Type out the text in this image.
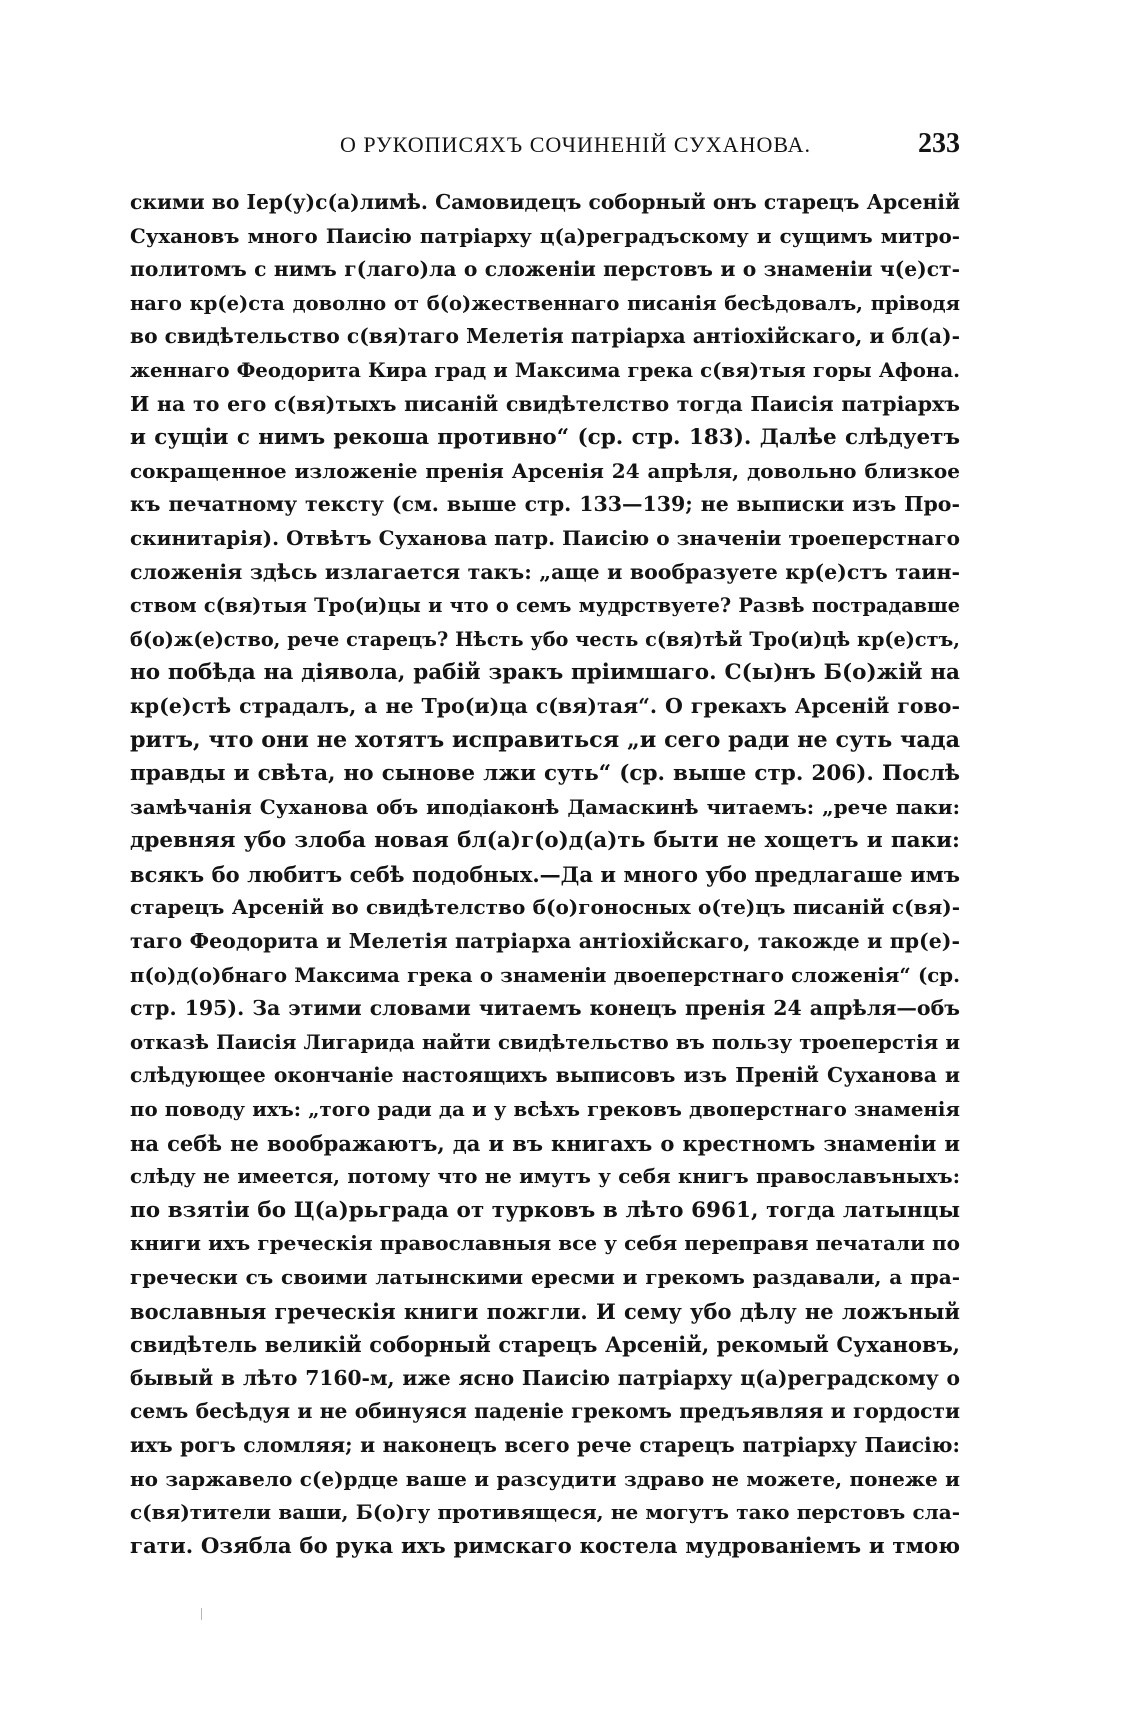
О РУКОПИСЯХЪ СОЧИНЕНІЙ СУХАНОВА.	233
скими во Іер(у)с(а)лимѣ. Самовидецъ соборный онъ старецъ Арсеній
Сухановъ много Паисію патріарху ц(а)реградъскому и сущимъ митро-
политомъ с нимъ г(лаго)ла о сложеніи перстовъ и о знаменіи ч(е)ст-
наго кр(е)ста доволно от б(о)жественнаго писанія бесѣдовалъ, пріводя
во свидѣтельство с(вя)таго Мелетія патріарха антіохійскаго, и бл(а)-
женнаго Феодорита Кира град и Максима грека с(вя)тыя горы Афона.
И на то его с(вя)тыхъ писаній свидѣтелство тогда Паисія патріархъ
и сущіи с нимъ рекоша противно“ (ср. стр. 183). Далѣе слѣдуетъ
сокращенное изложеніе пренія Арсенія 24 апрѣля, довольно близкое
къ печатному тексту (см. выше стр. 133—139; не выписки изъ Про-
скинитарія). Отвѣтъ Суханова патр. Паисію о значеніи троеперстнаго
сложенія здѣсь излагается такъ: „аще и вообразуете кр(е)стъ таин-
ством с(вя)тыя Тро(и)цы и что о семъ мудрствуете? Развѣ пострадавше
б(о)ж(е)ство, рече старецъ? Нѣсть убо честь с(вя)тѣй Тро(и)цѣ кр(е)стъ,
но побѣда на діявола, рабій зракъ пріимшаго. С(ы)нъ Б(о)жій на
кр(е)стѣ страдалъ, а не Тро(и)ца с(вя)тая“. О грекахъ Арсеній гово-
ритъ, что они не хотятъ исправиться „и сего ради не суть чада
правды и свѣта, но сынове лжи суть“ (ср. выше стр. 206). Послѣ
замѣчанія Суханова объ иподіаконѣ Дамаскинѣ читаемъ: „рече паки:
древняя убо злоба новая бл(а)г(о)д(а)ть быти не хощетъ и паки:
всякъ бо любитъ себѣ подобных.—Да и много убо предлагаше имъ
старецъ Арсеній во свидѣтелство б(о)гоносных о(те)цъ писаній с(вя)-
таго Феодорита и Мелетія патріарха антіохійскаго, такожде и пр(е)-
п(о)д(о)бнаго Максима грека о знаменіи двоеперстнаго сложенія“ (ср.
стр. 195). За этими словами читаемъ конецъ пренія 24 апрѣля—объ
отказѣ Паисія Лигарида найти свидѣтельство въ пользу троеперстія и
слѣдующее окончаніе настоящихъ выписовъ изъ Преній Суханова и
по поводу ихъ: „того ради да и у всѣхъ грековъ двоперстнаго знаменія
на себѣ не воображаютъ, да и въ книгахъ о крестномъ знаменіи и
слѣду не имеется, потому что не имутъ у себя книгъ православъныхъ:
по взятіи бо Ц(а)рьграда от турковъ в лѣто 6961, тогда латынцы
книги ихъ греческія православныя все у себя переправя печатали по
гречески съ своими латынскими ересми и грекомъ раздавали, а пра-
вославныя греческія книги пожгли. И сему убо дѣлу не ложъный
свидѣтель великій соборный старецъ Арсеній, рекомый Сухановъ,
бывый в лѣто 7160-м, иже ясно Паисію патріарху ц(а)реградскому о
семъ бесѣдуя и не обинуяся паденіе грекомъ предъявляя и гордости
ихъ рогъ сломляя; и наконецъ всего рече старецъ патріарху Паисію:
но заржавело с(е)рдце ваше и разсудити здраво не можете, понеже и
с(вя)тители ваши, Б(о)гу противящеся, не могутъ тако перстовъ сла-
гати. Озябла бо рука ихъ римскаго костела мудрованіемъ и тмою
